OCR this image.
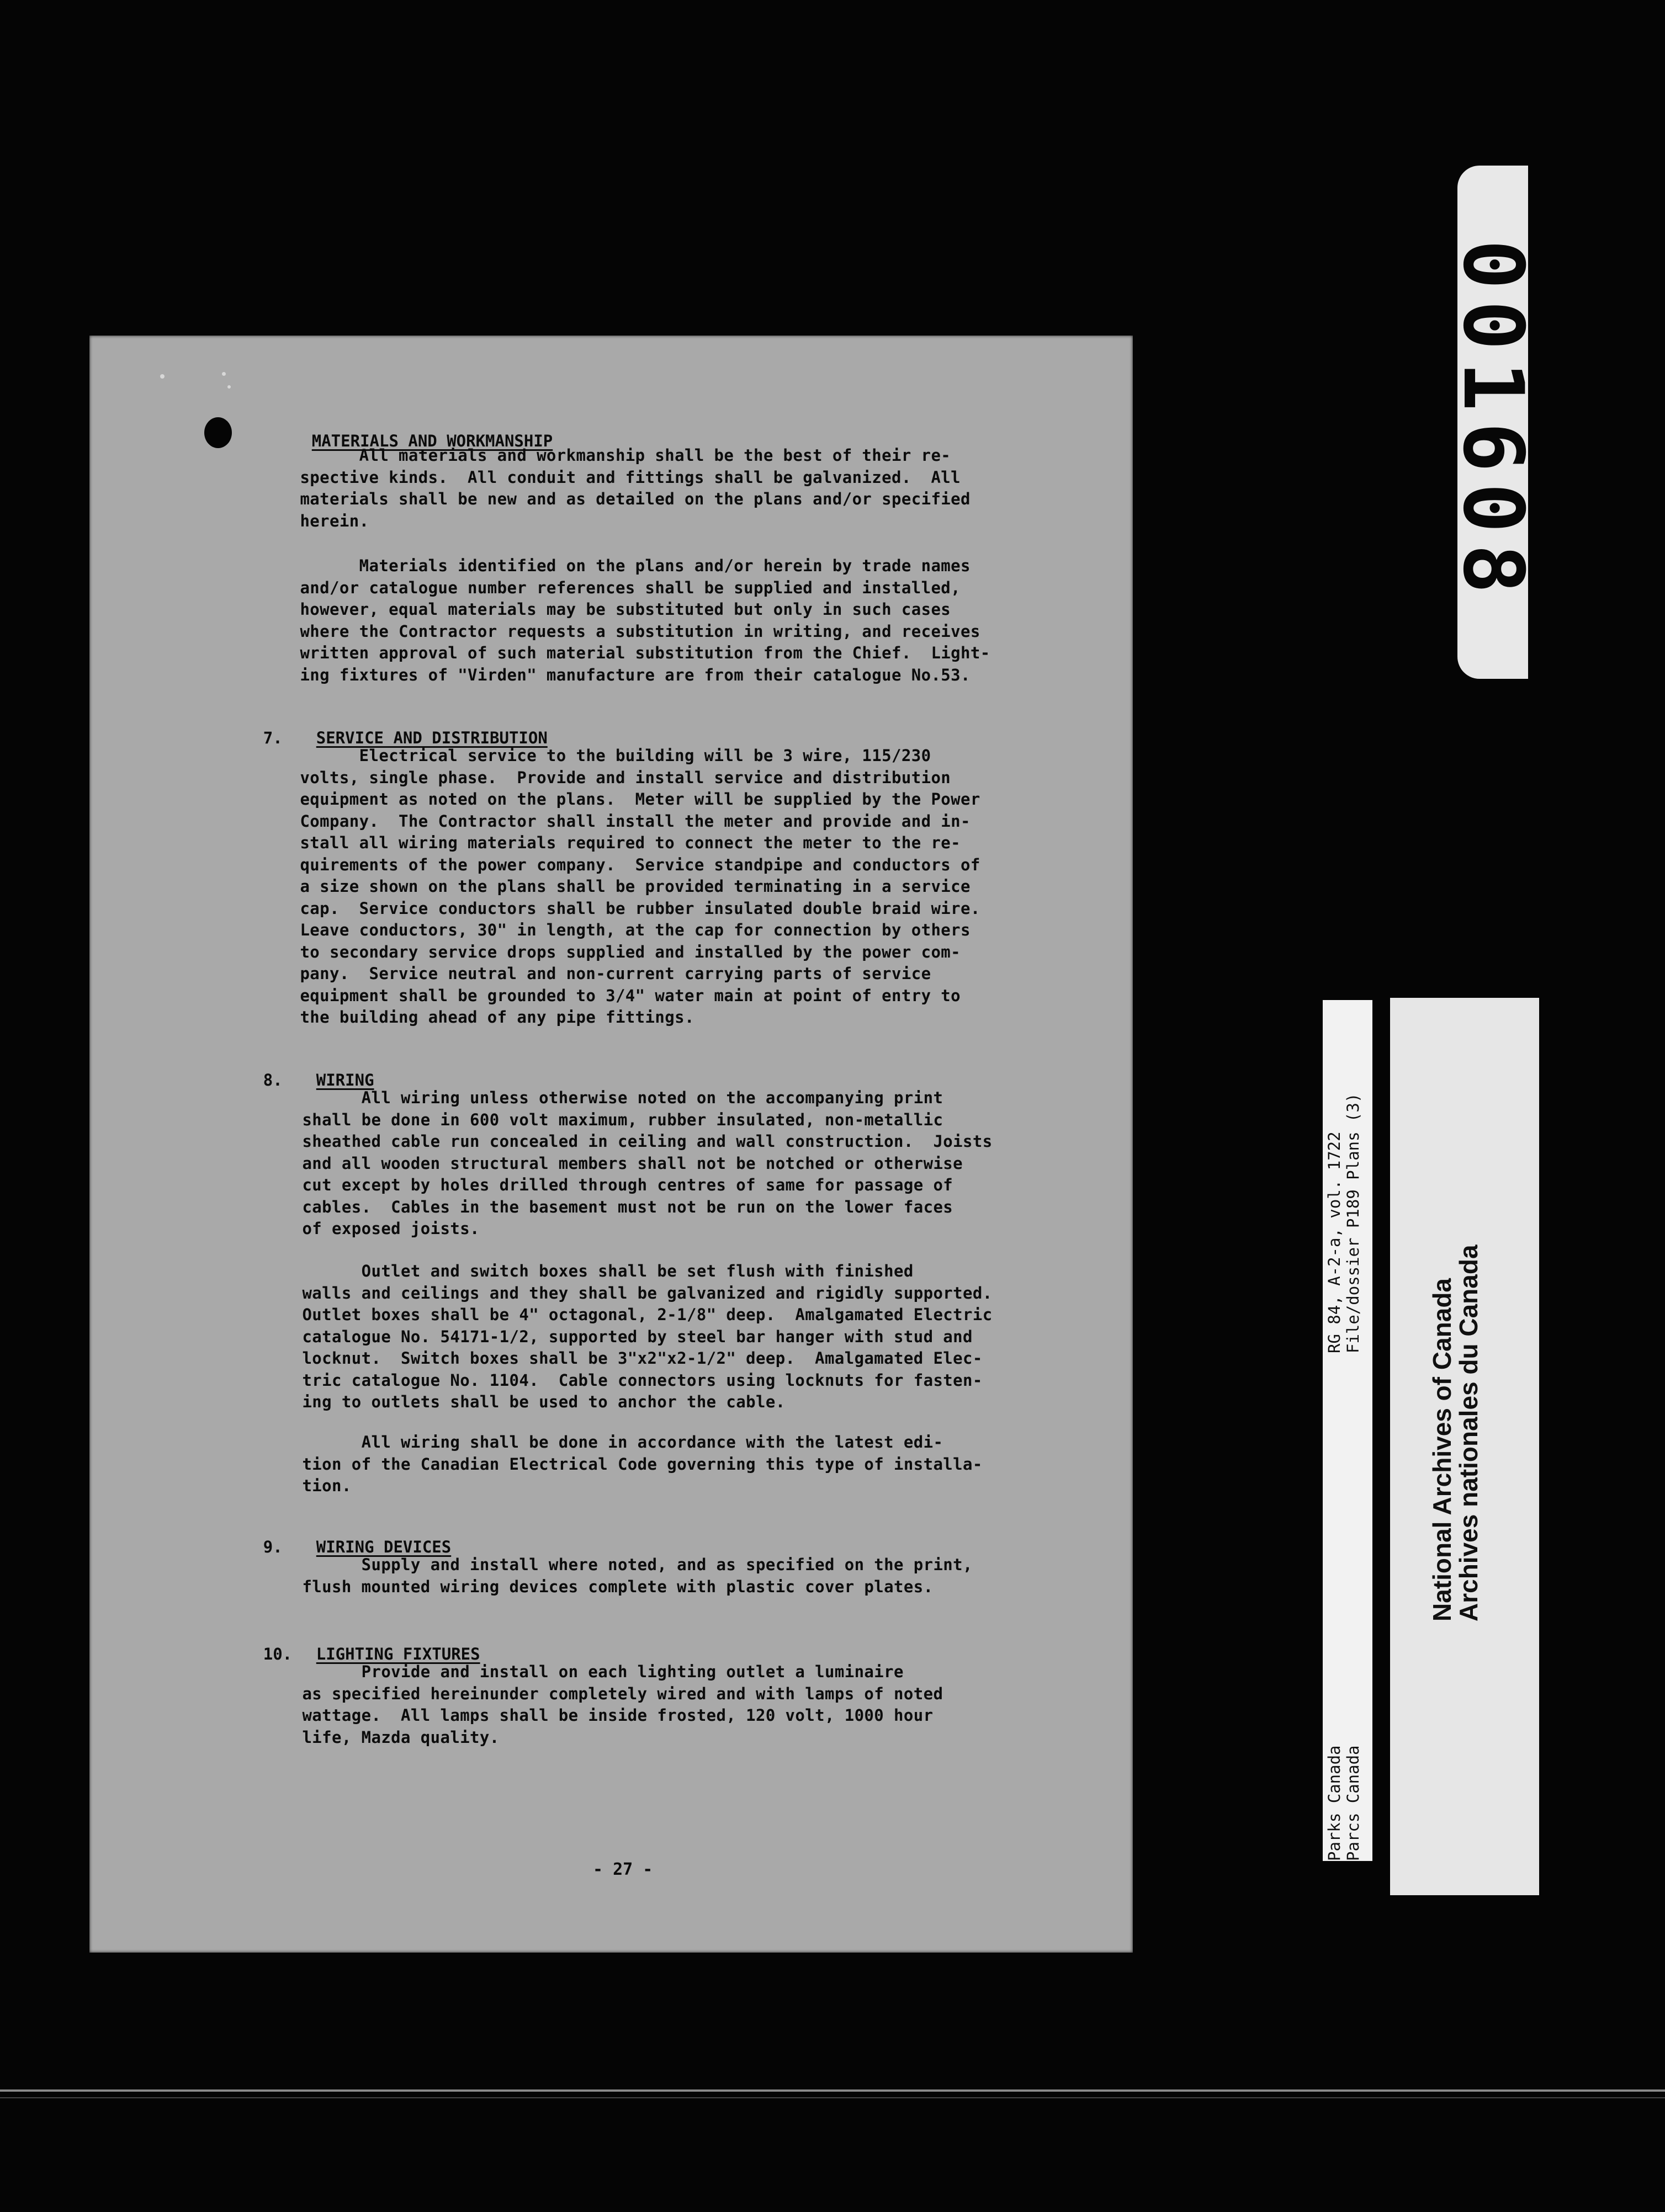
MATERIALS AND WORKMANSHIP

All materials and workmanship shall be the best of their re-
spective kinds.  All conduit and fittings shall be galvanized.  All
materials shall be new and as detailed on the plans and/or specified
herein.
Materials identified on the plans and/or herein by trade names
and/or catalogue number references shall be supplied and installed,
however, equal materials may be substituted but only in such cases
where the Contractor requests a substitution in writing, and receives
written approval of such material substitution from the Chief.  Light-
ing fixtures of "Virden" manufacture are from their catalogue No.53.

7. SERVICE AND DISTRIBUTION

Electrical service to the building will be 3 wire, 115/230
volts, single phase.  Provide and install service and distribution
equipment as noted on the plans.  Meter will be supplied by the Power
Company.  The Contractor shall install the meter and provide and in-
stall all wiring materials required to connect the meter to the re-
quirements of the power company.  Service standpipe and conductors of
a size shown on the plans shall be provided terminating in a service
cap.  Service conductors shall be rubber insulated double braid wire.
Leave conductors, 30" in length, at the cap for connection by others
to secondary service drops supplied and installed by the power com-
pany.  Service neutral and non-current carrying parts of service
equipment shall be grounded to 3/4" water main at point of entry to
the building ahead of any pipe fittings.

8. WIRING

All wiring unless otherwise noted on the accompanying print
shall be done in 600 volt maximum, rubber insulated, non-metallic
sheathed cable run concealed in ceiling and wall construction.  Joists
and all wooden structural members shall not be notched or otherwise
cut except by holes drilled through centres of same for passage of
cables.  Cables in the basement must not be run on the lower faces
of exposed joists.
Outlet and switch boxes shall be set flush with finished
walls and ceilings and they shall be galvanized and rigidly supported.
Outlet boxes shall be 4" octagonal, 2-1/8" deep.  Amalgamated Electric
catalogue No. 54171-1/2, supported by steel bar hanger with stud and
locknut.  Switch boxes shall be 3"x2"x2-1/2" deep.  Amalgamated Elec-
tric catalogue No. 1104.  Cable connectors using locknuts for fasten-
ing to outlets shall be used to anchor the cable.
All wiring shall be done in accordance with the latest edi-
tion of the Canadian Electrical Code governing this type of installa-
tion.

9. WIRING DEVICES

Supply and install where noted, and as specified on the print,
flush mounted wiring devices complete with plastic cover plates.

10. LIGHTING FIXTURES

Provide and install on each lighting outlet a luminaire
as specified hereinunder completely wired and with lamps of noted
wattage.  All lamps shall be inside frosted, 120 volt, 1000 hour
life, Mazda quality.
- 27 -
001608
Parks Canada
Parcs Canada
RG 84, A-2-a, vol. 1722
File/dossier P189 Plans (3)
National Archives of Canada
Archives nationales du Canada
